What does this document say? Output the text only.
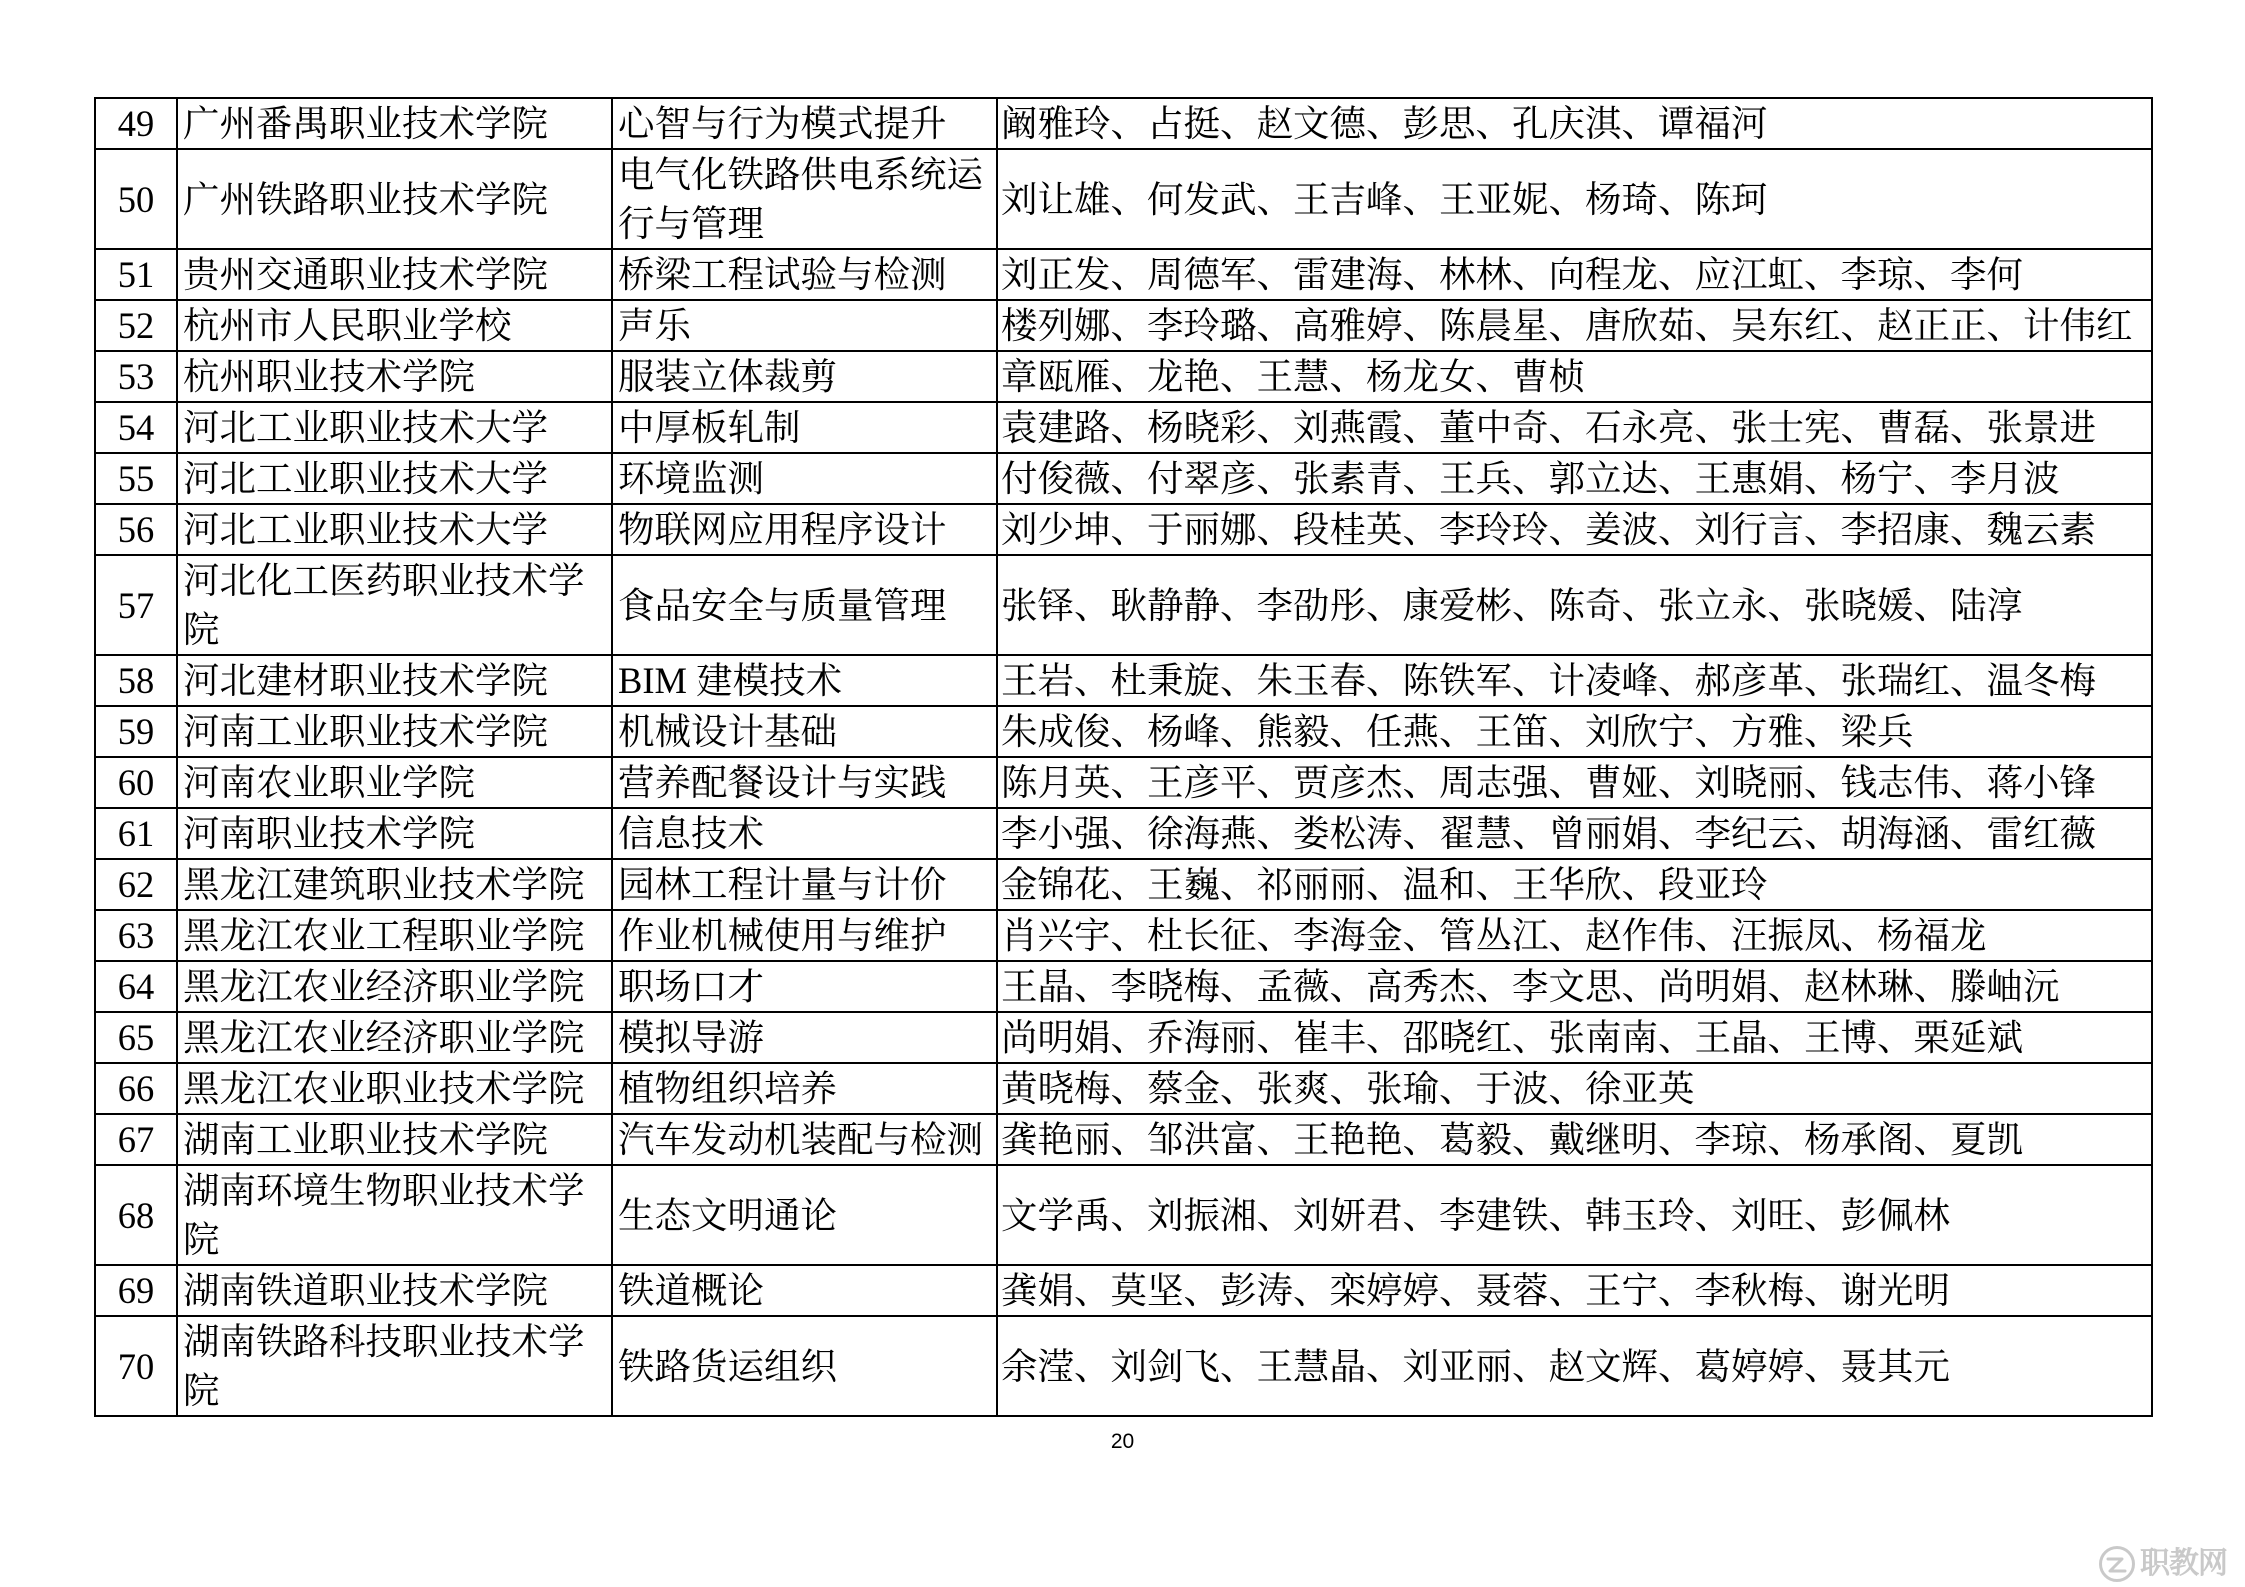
49	广州番禺职业技术学院	心智与行为模式提升	阚雅玲、占挺、赵文德、彭思、孔庆淇、谭福河
50	广州铁路职业技术学院	电气化铁路供电系统运行与管理	刘让雄、何发武、王吉峰、王亚妮、杨琦、陈珂
51	贵州交通职业技术学院	桥梁工程试验与检测	刘正发、周德军、雷建海、林林、向程龙、应江虹、李琼、李何
52	杭州市人民职业学校	声乐	楼列娜、李玲璐、高雅婷、陈晨星、唐欣茹、吴东红、赵正正、计伟红
53	杭州职业技术学院	服装立体裁剪	章瓯雁、龙艳、王慧、杨龙女、曹桢
54	河北工业职业技术大学	中厚板轧制	袁建路、杨晓彩、刘燕霞、董中奇、石永亮、张士宪、曹磊、张景进
55	河北工业职业技术大学	环境监测	付俊薇、付翠彦、张素青、王兵、郭立达、王惠娟、杨宁、李月波
56	河北工业职业技术大学	物联网应用程序设计	刘少坤、于丽娜、段桂英、李玲玲、姜波、刘行言、李招康、魏云素
57	河北化工医药职业技术学院	食品安全与质量管理	张铎、耿静静、李劭彤、康爱彬、陈奇、张立永、张晓媛、陆淳
58	河北建材职业技术学院	BIM 建模技术	王岩、杜秉旋、朱玉春、陈铁军、计凌峰、郝彦革、张瑞红、温冬梅
59	河南工业职业技术学院	机械设计基础	朱成俊、杨峰、熊毅、任燕、王笛、刘欣宁、方雅、梁兵
60	河南农业职业学院	营养配餐设计与实践	陈月英、王彦平、贾彦杰、周志强、曹娅、刘晓丽、钱志伟、蒋小锋
61	河南职业技术学院	信息技术	李小强、徐海燕、娄松涛、翟慧、曾丽娟、李纪云、胡海涵、雷红薇
62	黑龙江建筑职业技术学院	园林工程计量与计价	金锦花、王巍、祁丽丽、温和、王华欣、段亚玲
63	黑龙江农业工程职业学院	作业机械使用与维护	肖兴宇、杜长征、李海金、管丛江、赵作伟、汪振凤、杨福龙
64	黑龙江农业经济职业学院	职场口才	王晶、李晓梅、孟薇、高秀杰、李文思、尚明娟、赵林琳、滕岫沅
65	黑龙江农业经济职业学院	模拟导游	尚明娟、乔海丽、崔丰、邵晓红、张南南、王晶、王博、栗延斌
66	黑龙江农业职业技术学院	植物组织培养	黄晓梅、蔡金、张爽、张瑜、于波、徐亚英
67	湖南工业职业技术学院	汽车发动机装配与检测	龚艳丽、邹洪富、王艳艳、葛毅、戴继明、李琼、杨承阁、夏凯
68	湖南环境生物职业技术学院	生态文明通论	文学禹、刘振湘、刘妍君、李建铁、韩玉玲、刘旺、彭佩林
69	湖南铁道职业技术学院	铁道概论	龚娟、莫坚、彭涛、栾婷婷、聂蓉、王宁、李秋梅、谢光明
70	湖南铁路科技职业技术学院	铁路货运组织	余滢、刘剑飞、王慧晶、刘亚丽、赵文辉、葛婷婷、聂其元
20
职教网
